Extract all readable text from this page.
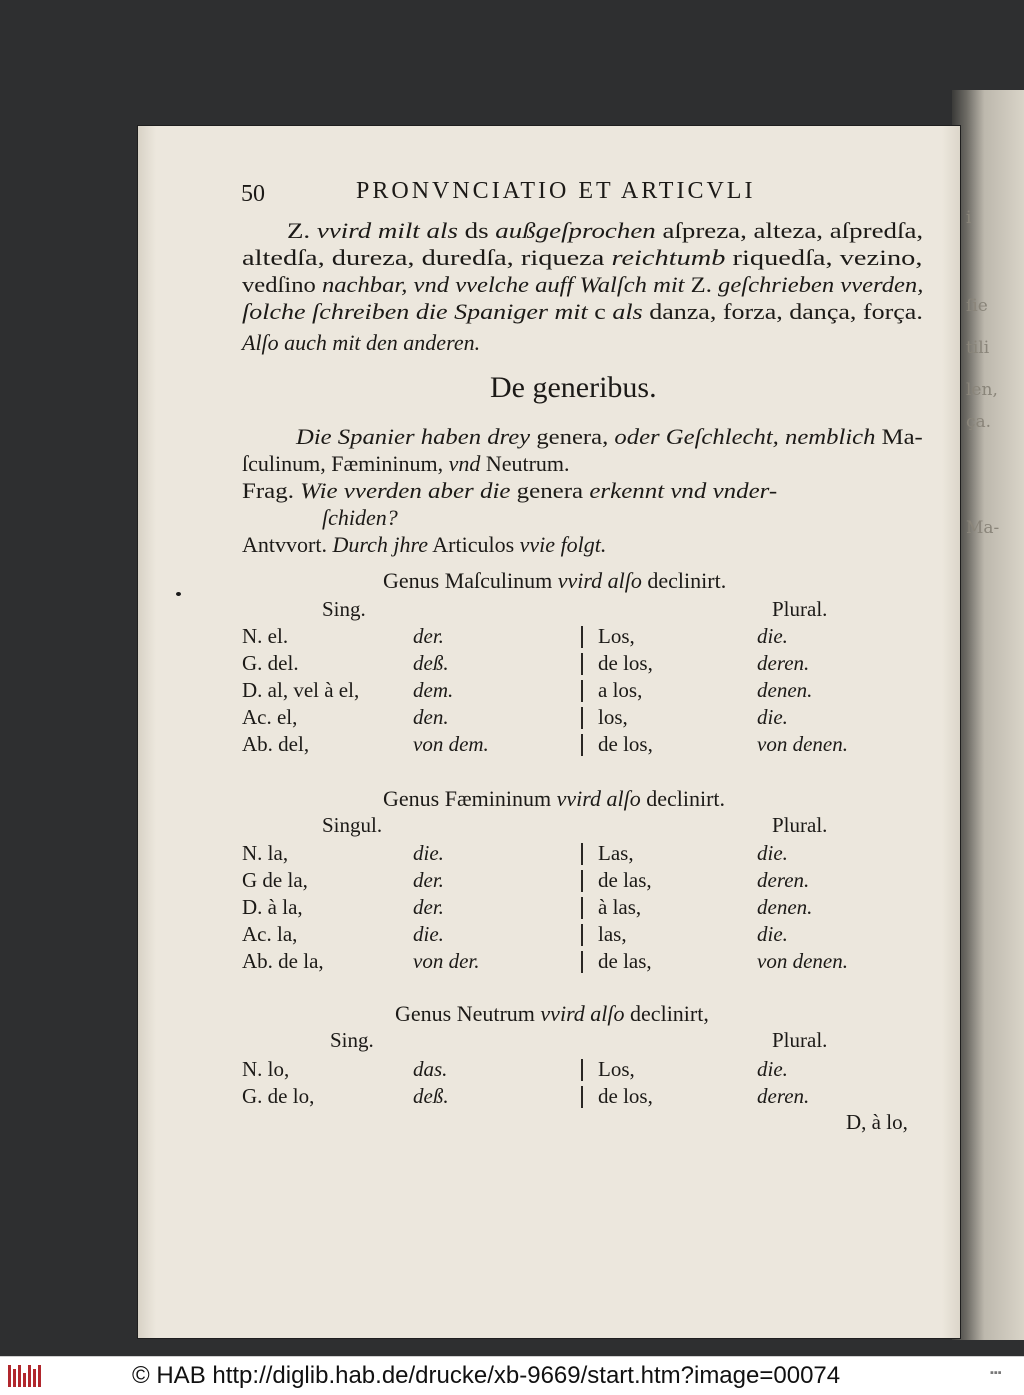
i
ſie
tili
len,
ça.
Ma-
50	PRONVNCIATIO ET ARTICVLI
Z. vvird milt als ds außgeſprochen aſpreza, alteza, aſpredſa,
altedſa, dureza, duredſa, riqueza reichtumb riquedſa, vezino,
vedſino nachbar, vnd vvelche auff Walſch mit Z. geſchrieben vverden,
ſolche ſchreiben die Spaniger mit c als danza, forza, dança, força.
Alſo auch mit den anderen.
De generibus.
Die Spanier haben drey genera, oder Geſchlecht, nemblich Ma-
ſculinum, Fæmininum, vnd Neutrum.
Frag. Wie vverden aber die genera erkennt vnd vnder-
ſchiden?
Antvvort. Durch jhre Articulos vvie folgt.
Genus Maſculinum vvird alſo declinirt.
Sing.	Plural.
N. el.	der.	Los,	die.
G. del.	deß.	de los,	deren.
D. al, vel à el,	dem.	a los,	denen.
Ac. el,	den.	los,	die.
Ab. del,	von dem.	de los,	von denen.
Genus Fæmininum vvird alſo declinirt.
Singul.	Plural.
N. la,	die.	Las,	die.
G de la,	der.	de las,	deren.
D. à la,	der.	à las,	denen.
Ac. la,	die.	las,	die.
Ab. de la,	von der.	de las,	von denen.
Genus Neutrum vvird alſo declinirt,
Sing.	Plural.
N. lo,	das.	Los,	die.
G. de lo,	deß.	de los,	deren.
D, à lo,
© HAB http://diglib.hab.de/drucke/xb-9669/start.htm?image=00074	▪▪▪
